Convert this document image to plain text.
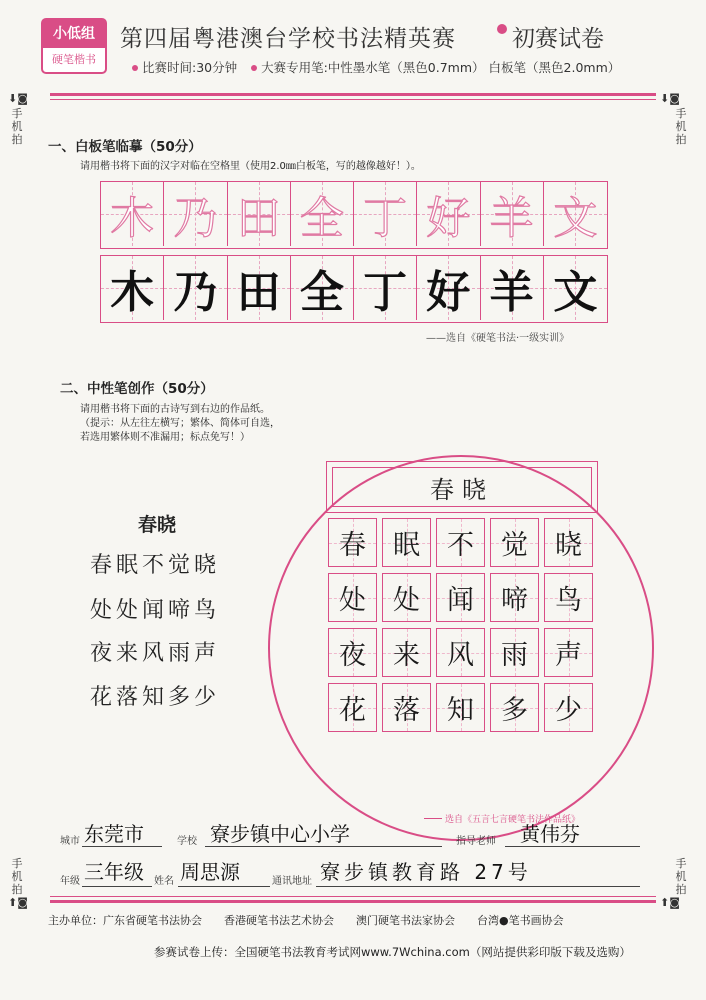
小低组
硬笔楷书
第四届粤港澳台学校书法精英赛 初赛试卷
比赛时间:30分钟 大赛专用笔:中性墨水笔（黑色0.7mm） 白板笔（黑色2.0mm）
⬇◙
手
机
拍
⬇◙
手
机
拍
手
机
拍
⬆◙
手
机
拍
⬆◙
一、白板笔临摹（50分）
请用楷书将下面的汉字对临在空格里（使用2.0㎜白板笔，写的越像越好！）。
木 乃 田 全 丁 好 羊 文
木 乃 田 全 丁 好 羊 文
——选自《硬笔书法·一级实训》
二、中性笔创作（50分）
请用楷书将下面的古诗写到右边的作品纸。
（提示：从左往左横写；繁体、简体可自选，
若选用繁体则不准漏用；标点免写！）
春晓
春眠不觉晓
处处闻啼鸟
夜来风雨声
花落知多少
春晓
春 眠 不 觉 晓
处 处 闻 啼 鸟
夜 来 风 雨 声
花 落 知 多 少
选自《五言七言硬笔书法作品纸》
城市 东莞市	学校 寮步镇中心小学	指导老师 黄伟芬
年级 三年级 姓名 周思源	通讯地址 寮步镇教育路 27号
主办单位：广东省硬笔书法协会　　香港硬笔书法艺术协会　　澳门硬笔书法家协会　　台湾●笔书画协会
参赛试卷上传：全国硬笔书法教育考试网www.7Wchina.com（网站提供彩印版下载及选购）
